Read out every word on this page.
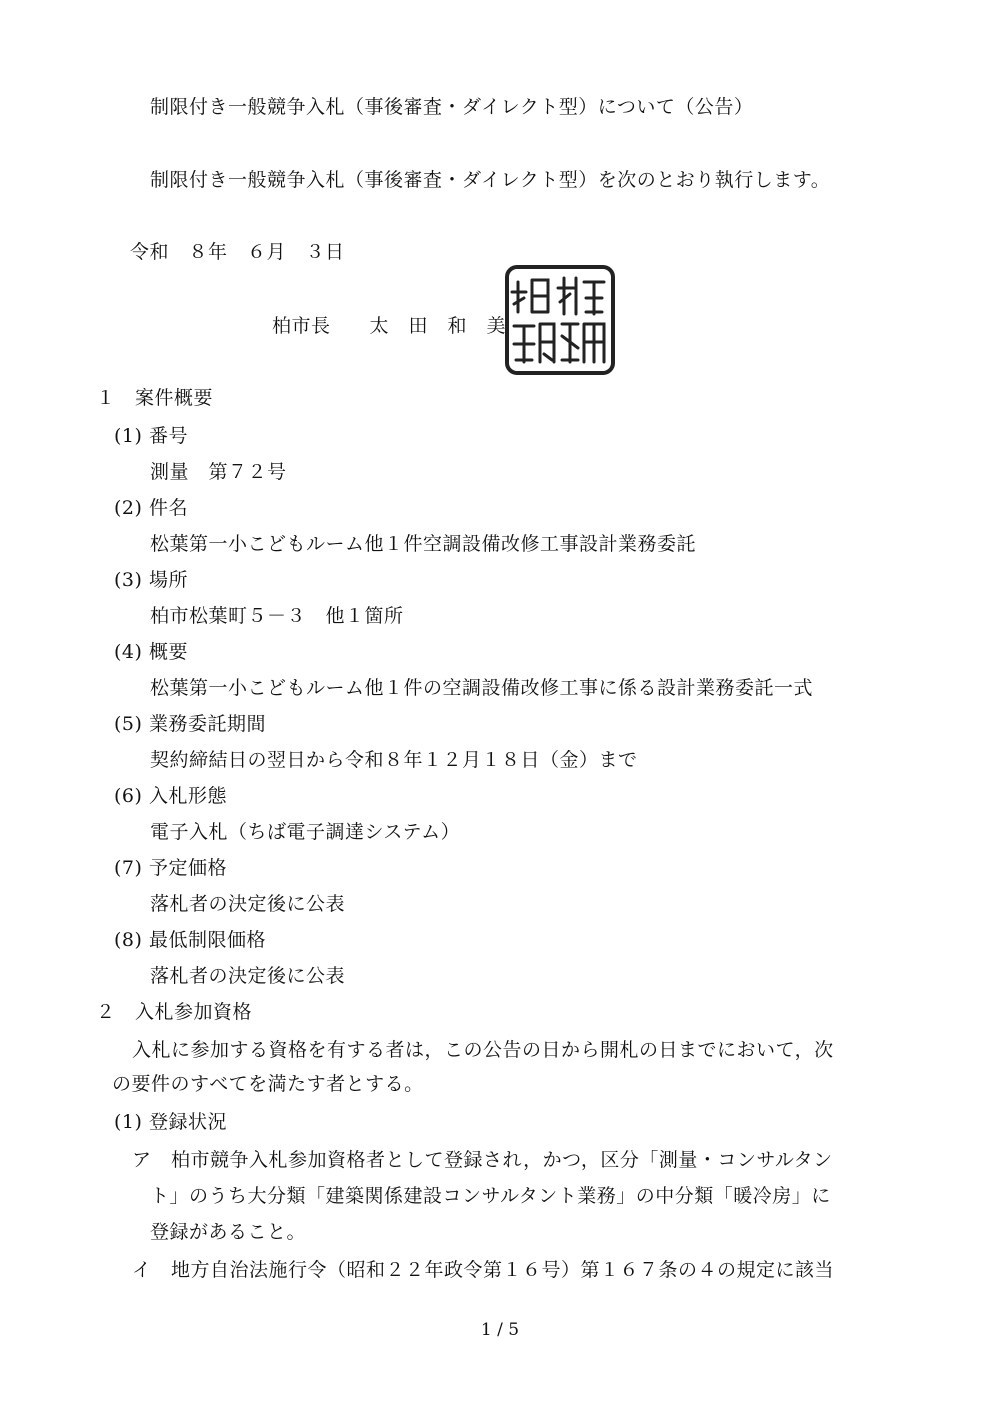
制限付き一般競争入札（事後審査・ダイレクト型）について（公告）
制限付き一般競争入札（事後審査・ダイレクト型）を次のとおり執行します。
令和　８年　６月　３日
柏市長　　太　田　和　美
１　案件概要
(1) 番号
測量　第７２号
(2) 件名
松葉第一小こどもルーム他１件空調設備改修工事設計業務委託
(3) 場所
柏市松葉町５－３　他１箇所
(4) 概要
松葉第一小こどもルーム他１件の空調設備改修工事に係る設計業務委託一式
(5) 業務委託期間
契約締結日の翌日から令和８年１２月１８日（金）まで
(6) 入札形態
電子入札（ちば電子調達システム）
(7) 予定価格
落札者の決定後に公表
(8) 最低制限価格
落札者の決定後に公表
２　入札参加資格
入札に参加する資格を有する者は，この公告の日から開札の日までにおいて，次
の要件のすべてを満たす者とする。
(1) 登録状況
ア　柏市競争入札参加資格者として登録され，かつ，区分「測量・コンサルタン
ト」のうち大分類「建築関係建設コンサルタント業務」の中分類「暖冷房」に
登録があること。
イ　地方自治法施行令（昭和２２年政令第１６号）第１６７条の４の規定に該当
1 / 5
